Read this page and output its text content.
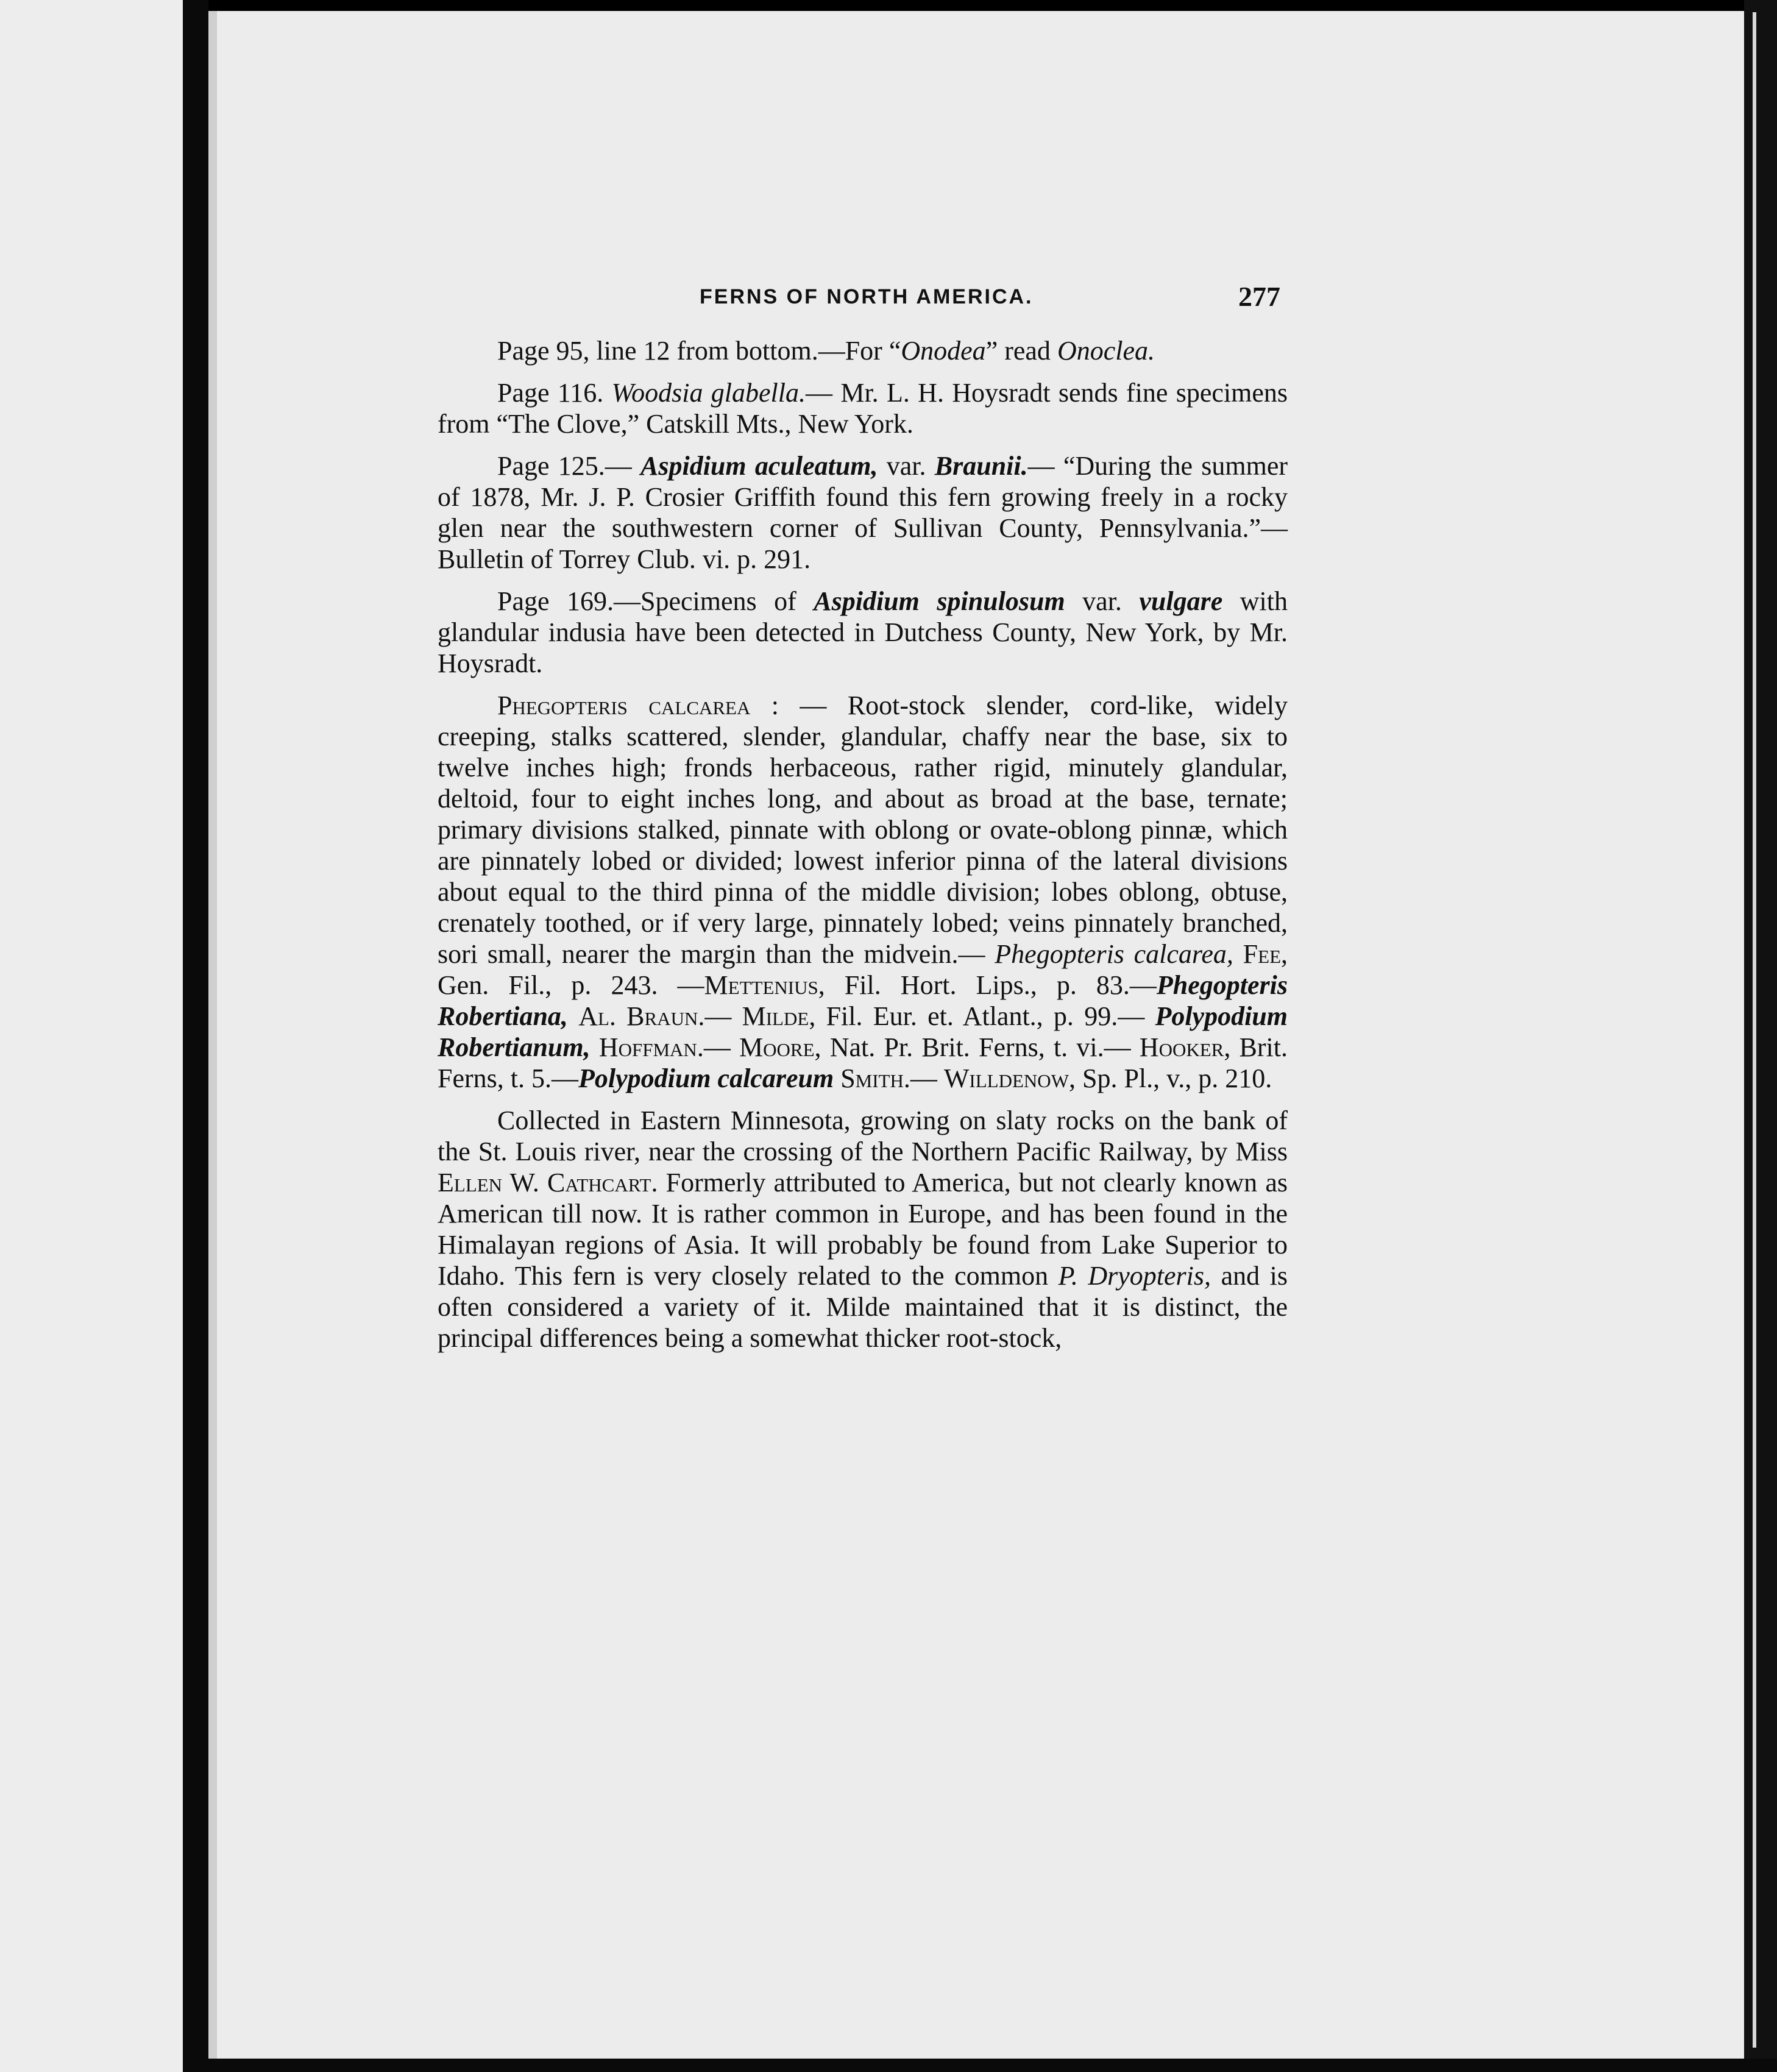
FERNS OF NORTH AMERICA.	277

Page 95, line 12 from bottom.—For “Onodea” read Onoclea.

Page 116. Woodsia glabella.— Mr. L. H. Hoysradt sends fine specimens from “The Clove,” Catskill Mts., New York.

Page 125.— Aspidium aculeatum, var. Braunii.— “During the summer of 1878, Mr. J. P. Crosier Griffith found this fern growing freely in a rocky glen near the southwestern corner of Sullivan County, Pennsylvania.”—Bulletin of Torrey Club. vi. p. 291.

Page 169.—Specimens of Aspidium spinulosum var. vulgare with glandular indusia have been detected in Dutchess County, New York, by Mr. Hoysradt.

Phegopteris calcarea : — Root-stock slender, cord-like, widely creeping, stalks scattered, slender, glandular, chaffy near the base, six to twelve inches high; fronds herbaceous, rather rigid, minutely glandular, deltoid, four to eight inches long, and about as broad at the base, ternate; primary divisions stalked, pinnate with oblong or ovate-oblong pinnæ, which are pinnately lobed or divided; lowest inferior pinna of the lateral divisions about equal to the third pinna of the middle division; lobes oblong, obtuse, crenately toothed, or if very large, pinnately lobed; veins pinnately branched, sori small, nearer the margin than the midvein.— Phegopteris calcarea, Fee, Gen. Fil., p. 243. —Mettenius, Fil. Hort. Lips., p. 83.—Phegopteris Robertiana, Al. Braun.— Milde, Fil. Eur. et. Atlant., p. 99.— Polypodium Robertianum, Hoffman.— Moore, Nat. Pr. Brit. Ferns, t. vi.— Hooker, Brit. Ferns, t. 5.—Polypodium calcareum Smith.— Willdenow, Sp. Pl., v., p. 210.

Collected in Eastern Minnesota, growing on slaty rocks on the bank of the St. Louis river, near the crossing of the Northern Pacific Railway, by Miss Ellen W. Cathcart. Formerly attributed to America, but not clearly known as American till now. It is rather common in Europe, and has been found in the Himalayan regions of Asia. It will probably be found from Lake Superior to Idaho. This fern is very closely related to the common P. Dryopteris, and is often considered a variety of it. Milde maintained that it is distinct, the principal differences being a somewhat thicker root-stock,
